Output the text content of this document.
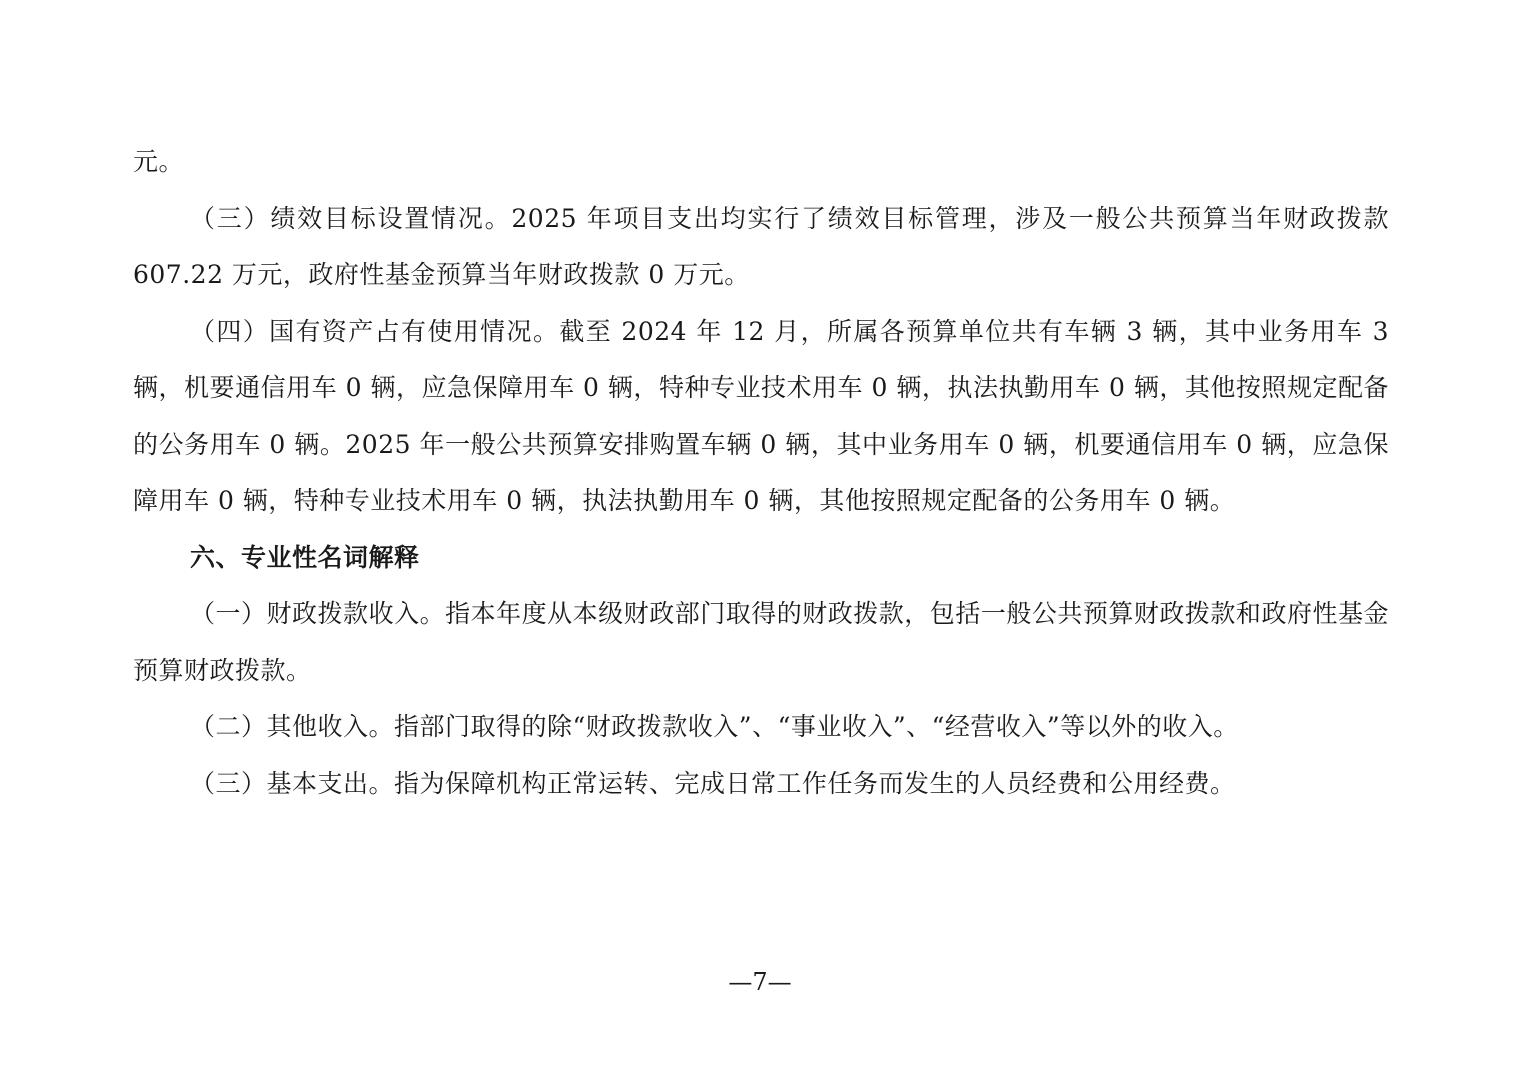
元。

（三）绩效目标设置情况。2025 年项目支出均实行了绩效目标管理，涉及一般公共预算当年财政拨款 607.22 万元，政府性基金预算当年财政拨款 0 万元。

（四）国有资产占有使用情况。截至 2024 年 12 月，所属各预算单位共有车辆 3 辆，其中业务用车 3 辆，机要通信用车 0 辆，应急保障用车 0 辆，特种专业技术用车 0 辆，执法执勤用车 0 辆，其他按照规定配备的公务用车 0 辆。2025 年一般公共预算安排购置车辆 0 辆，其中业务用车 0 辆，机要通信用车 0 辆，应急保障用车 0 辆，特种专业技术用车 0 辆，执法执勤用车 0 辆，其他按照规定配备的公务用车 0 辆。

六、专业性名词解释

（一）财政拨款收入。指本年度从本级财政部门取得的财政拨款，包括一般公共预算财政拨款和政府性基金预算财政拨款。

（二）其他收入。指部门取得的除“财政拨款收入”、“事业收入”、“经营收入”等以外的收入。

（三）基本支出。指为保障机构正常运转、完成日常工作任务而发生的人员经费和公用经费。

—7—
